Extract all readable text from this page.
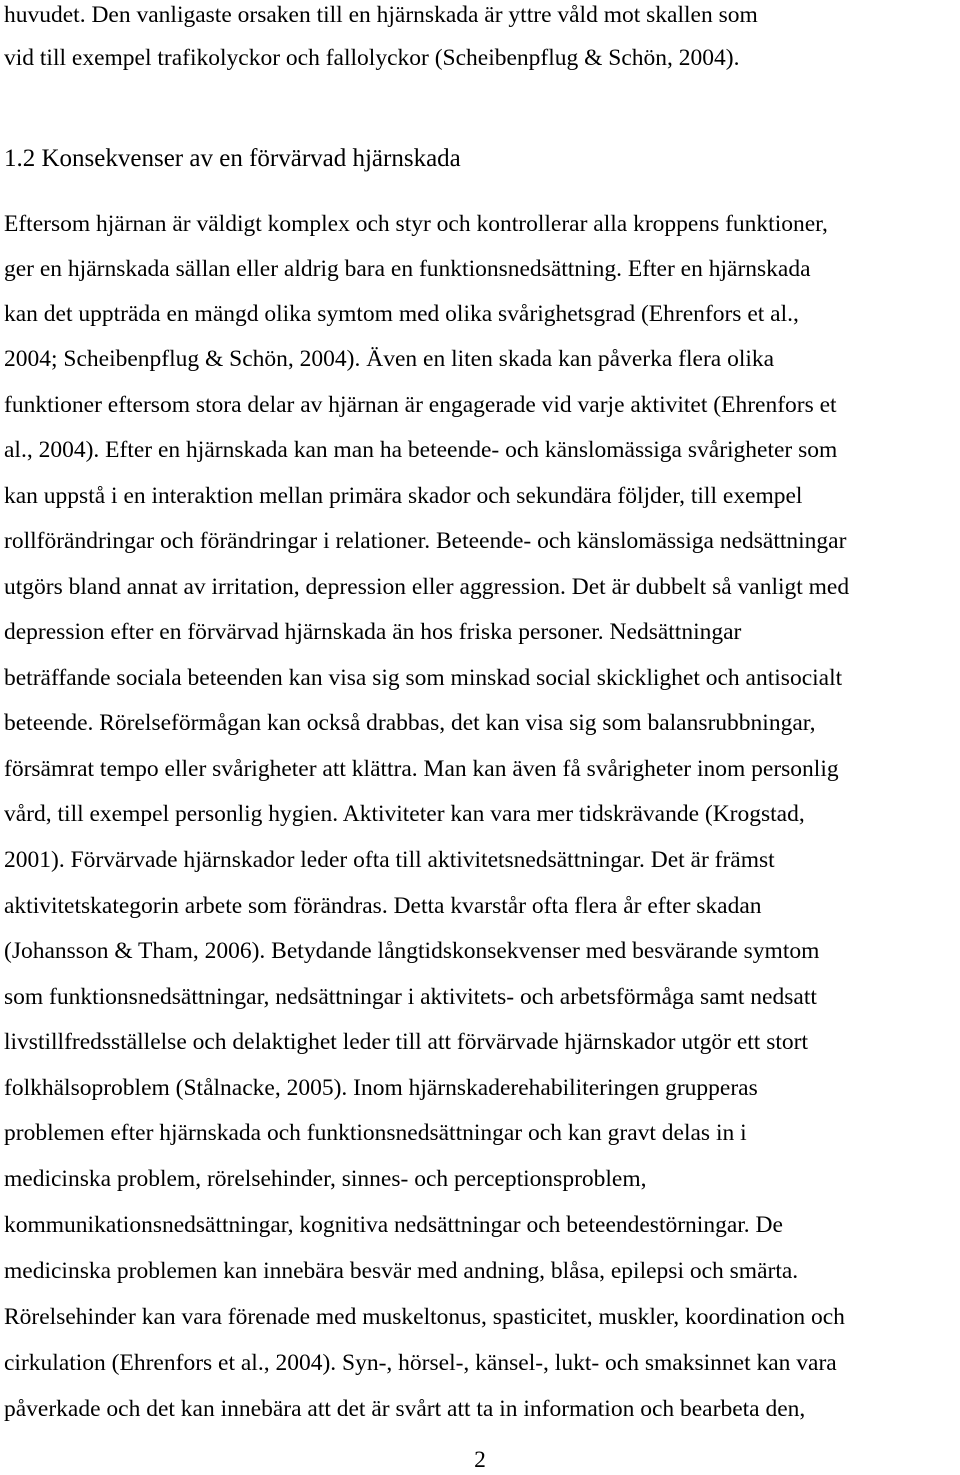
huvudet. Den vanligaste orsaken till en hjärnskada är yttre våld mot skallen som
vid till exempel trafikolyckor och fallolyckor (Scheibenpflug & Schön, 2004).
1.2 Konsekvenser av en förvärvad hjärnskada
Eftersom hjärnan är väldigt komplex och styr och kontrollerar alla kroppens funktioner,
ger en hjärnskada sällan eller aldrig bara en funktionsnedsättning. Efter en hjärnskada
kan det uppträda en mängd olika symtom med olika svårighetsgrad (Ehrenfors et al.,
2004; Scheibenpflug & Schön, 2004). Även en liten skada kan påverka flera olika
funktioner eftersom stora delar av hjärnan är engagerade vid varje aktivitet (Ehrenfors et
al., 2004). Efter en hjärnskada kan man ha beteende- och känslomässiga svårigheter som
kan uppstå i en interaktion mellan primära skador och sekundära följder, till exempel
rollförändringar och förändringar i relationer. Beteende- och känslomässiga nedsättningar
utgörs bland annat av irritation, depression eller aggression. Det är dubbelt så vanligt med
depression efter en förvärvad hjärnskada än hos friska personer. Nedsättningar
beträffande sociala beteenden kan visa sig som minskad social skicklighet och antisocialt
beteende. Rörelseförmågan kan också drabbas, det kan visa sig som balansrubbningar,
försämrat tempo eller svårigheter att klättra. Man kan även få svårigheter inom personlig
vård, till exempel personlig hygien. Aktiviteter kan vara mer tidskrävande (Krogstad,
2001). Förvärvade hjärnskador leder ofta till aktivitetsnedsättningar. Det är främst
aktivitetskategorin arbete som förändras. Detta kvarstår ofta flera år efter skadan
(Johansson & Tham, 2006). Betydande långtidskonsekvenser med besvärande symtom
som funktionsnedsättningar, nedsättningar i aktivitets- och arbetsförmåga samt nedsatt
livstillfredsställelse och delaktighet leder till att förvärvade hjärnskador utgör ett stort
folkhälsoproblem (Stålnacke, 2005). Inom hjärnskaderehabiliteringen grupperas
problemen efter hjärnskada och funktionsnedsättningar och kan gravt delas in i
medicinska problem, rörelsehinder, sinnes- och perceptionsproblem,
kommunikationsnedsättningar, kognitiva nedsättningar och beteendestörningar. De
medicinska problemen kan innebära besvär med andning, blåsa, epilepsi och smärta.
Rörelsehinder kan vara förenade med muskeltonus, spasticitet, muskler, koordination och
cirkulation (Ehrenfors et al., 2004). Syn-, hörsel-, känsel-, lukt- och smaksinnet kan vara
påverkade och det kan innebära att det är svårt att ta in information och bearbeta den,
2
